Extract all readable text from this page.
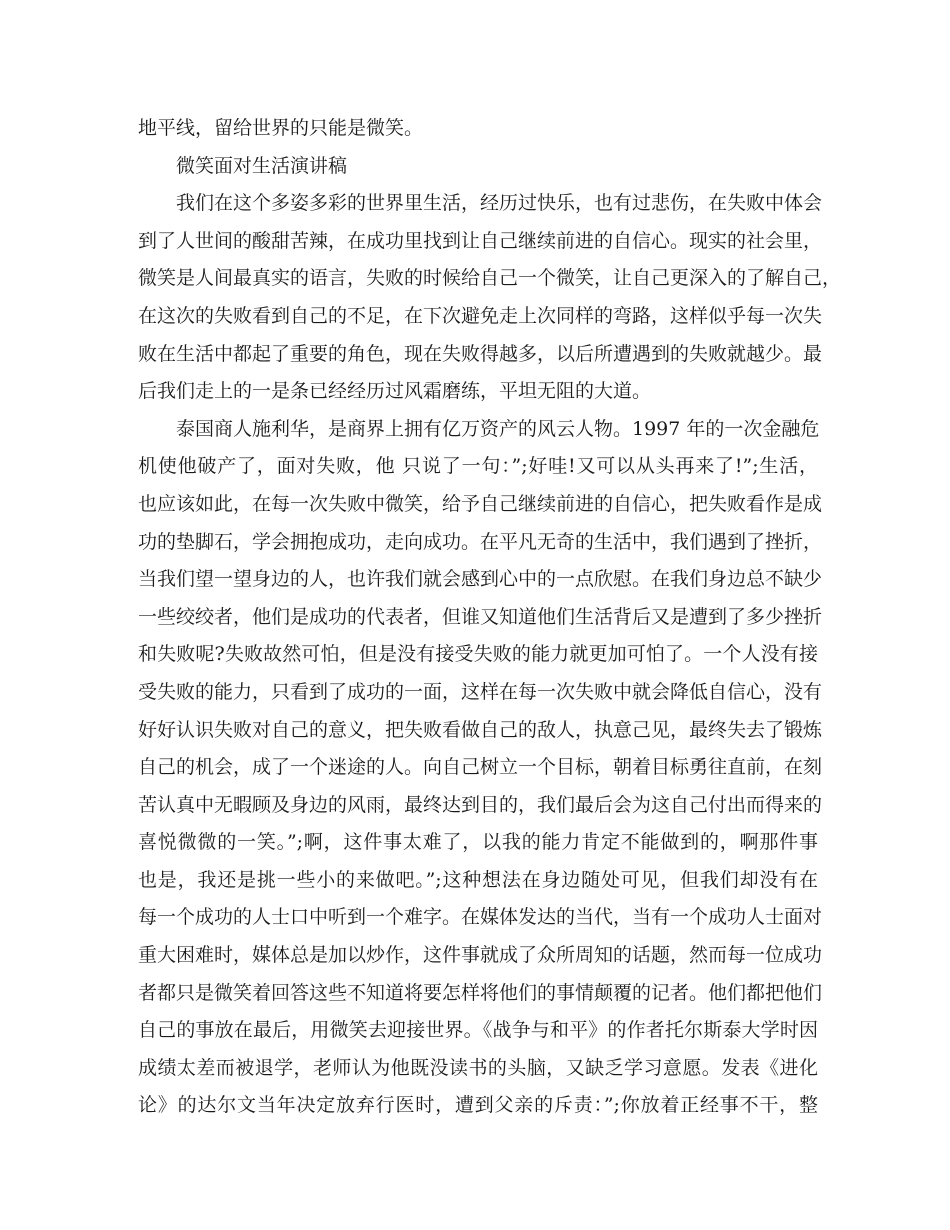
地平线，留给世界的只能是微笑。
微笑面对生活演讲稿
我们在这个多姿多彩的世界里生活，经历过快乐，也有过悲伤，在失败中体会
到了人世间的酸甜苦辣，在成功里找到让自己继续前进的自信心。现实的社会里，
微笑是人间最真实的语言，失败的时候给自己一个微笑，让自己更深入的了解自己，
在这次的失败看到自己的不足，在下次避免走上次同样的弯路，这样似乎每一次失
败在生活中都起了重要的角色，现在失败得越多，以后所遭遇到的失败就越少。最
后我们走上的一是条已经经历过风霜磨练，平坦无阻的大道。
泰国商人施利华，是商界上拥有亿万资产的风云人物。1997 年的一次金融危
机使他破产了，面对失败，他 只说了一句：”;好哇!又可以从头再来了!”;生活，
也应该如此，在每一次失败中微笑，给予自己继续前进的自信心，把失败看作是成
功的垫脚石，学会拥抱成功，走向成功。在平凡无奇的生活中，我们遇到了挫折，
当我们望一望身边的人，也许我们就会感到心中的一点欣慰。在我们身边总不缺少
一些绞绞者，他们是成功的代表者，但谁又知道他们生活背后又是遭到了多少挫折
和失败呢?失败故然可怕，但是没有接受失败的能力就更加可怕了。一个人没有接
受失败的能力，只看到了成功的一面，这样在每一次失败中就会降低自信心，没有
好好认识失败对自己的意义，把失败看做自己的敌人，执意己见，最终失去了锻炼
自己的机会，成了一个迷途的人。向自己树立一个目标，朝着目标勇往直前，在刻
苦认真中无暇顾及身边的风雨，最终达到目的，我们最后会为这自己付出而得来的
喜悦微微的一笑。”;啊，这件事太难了，以我的能力肯定不能做到的，啊那件事
也是，我还是挑一些小的来做吧。”;这种想法在身边随处可见，但我们却没有在
每一个成功的人士口中听到一个难字。在媒体发达的当代，当有一个成功人士面对
重大困难时，媒体总是加以炒作，这件事就成了众所周知的话题，然而每一位成功
者都只是微笑着回答这些不知道将要怎样将他们的事情颠覆的记者。他们都把他们
自己的事放在最后，用微笑去迎接世界。《战争与和平》的作者托尔斯泰大学时因
成绩太差而被退学，老师认为他既没读书的头脑，又缺乏学习意愿。发表《进化
论》的达尔文当年决定放弃行医时，遭到父亲的斥责：”;你放着正经事不干，整
